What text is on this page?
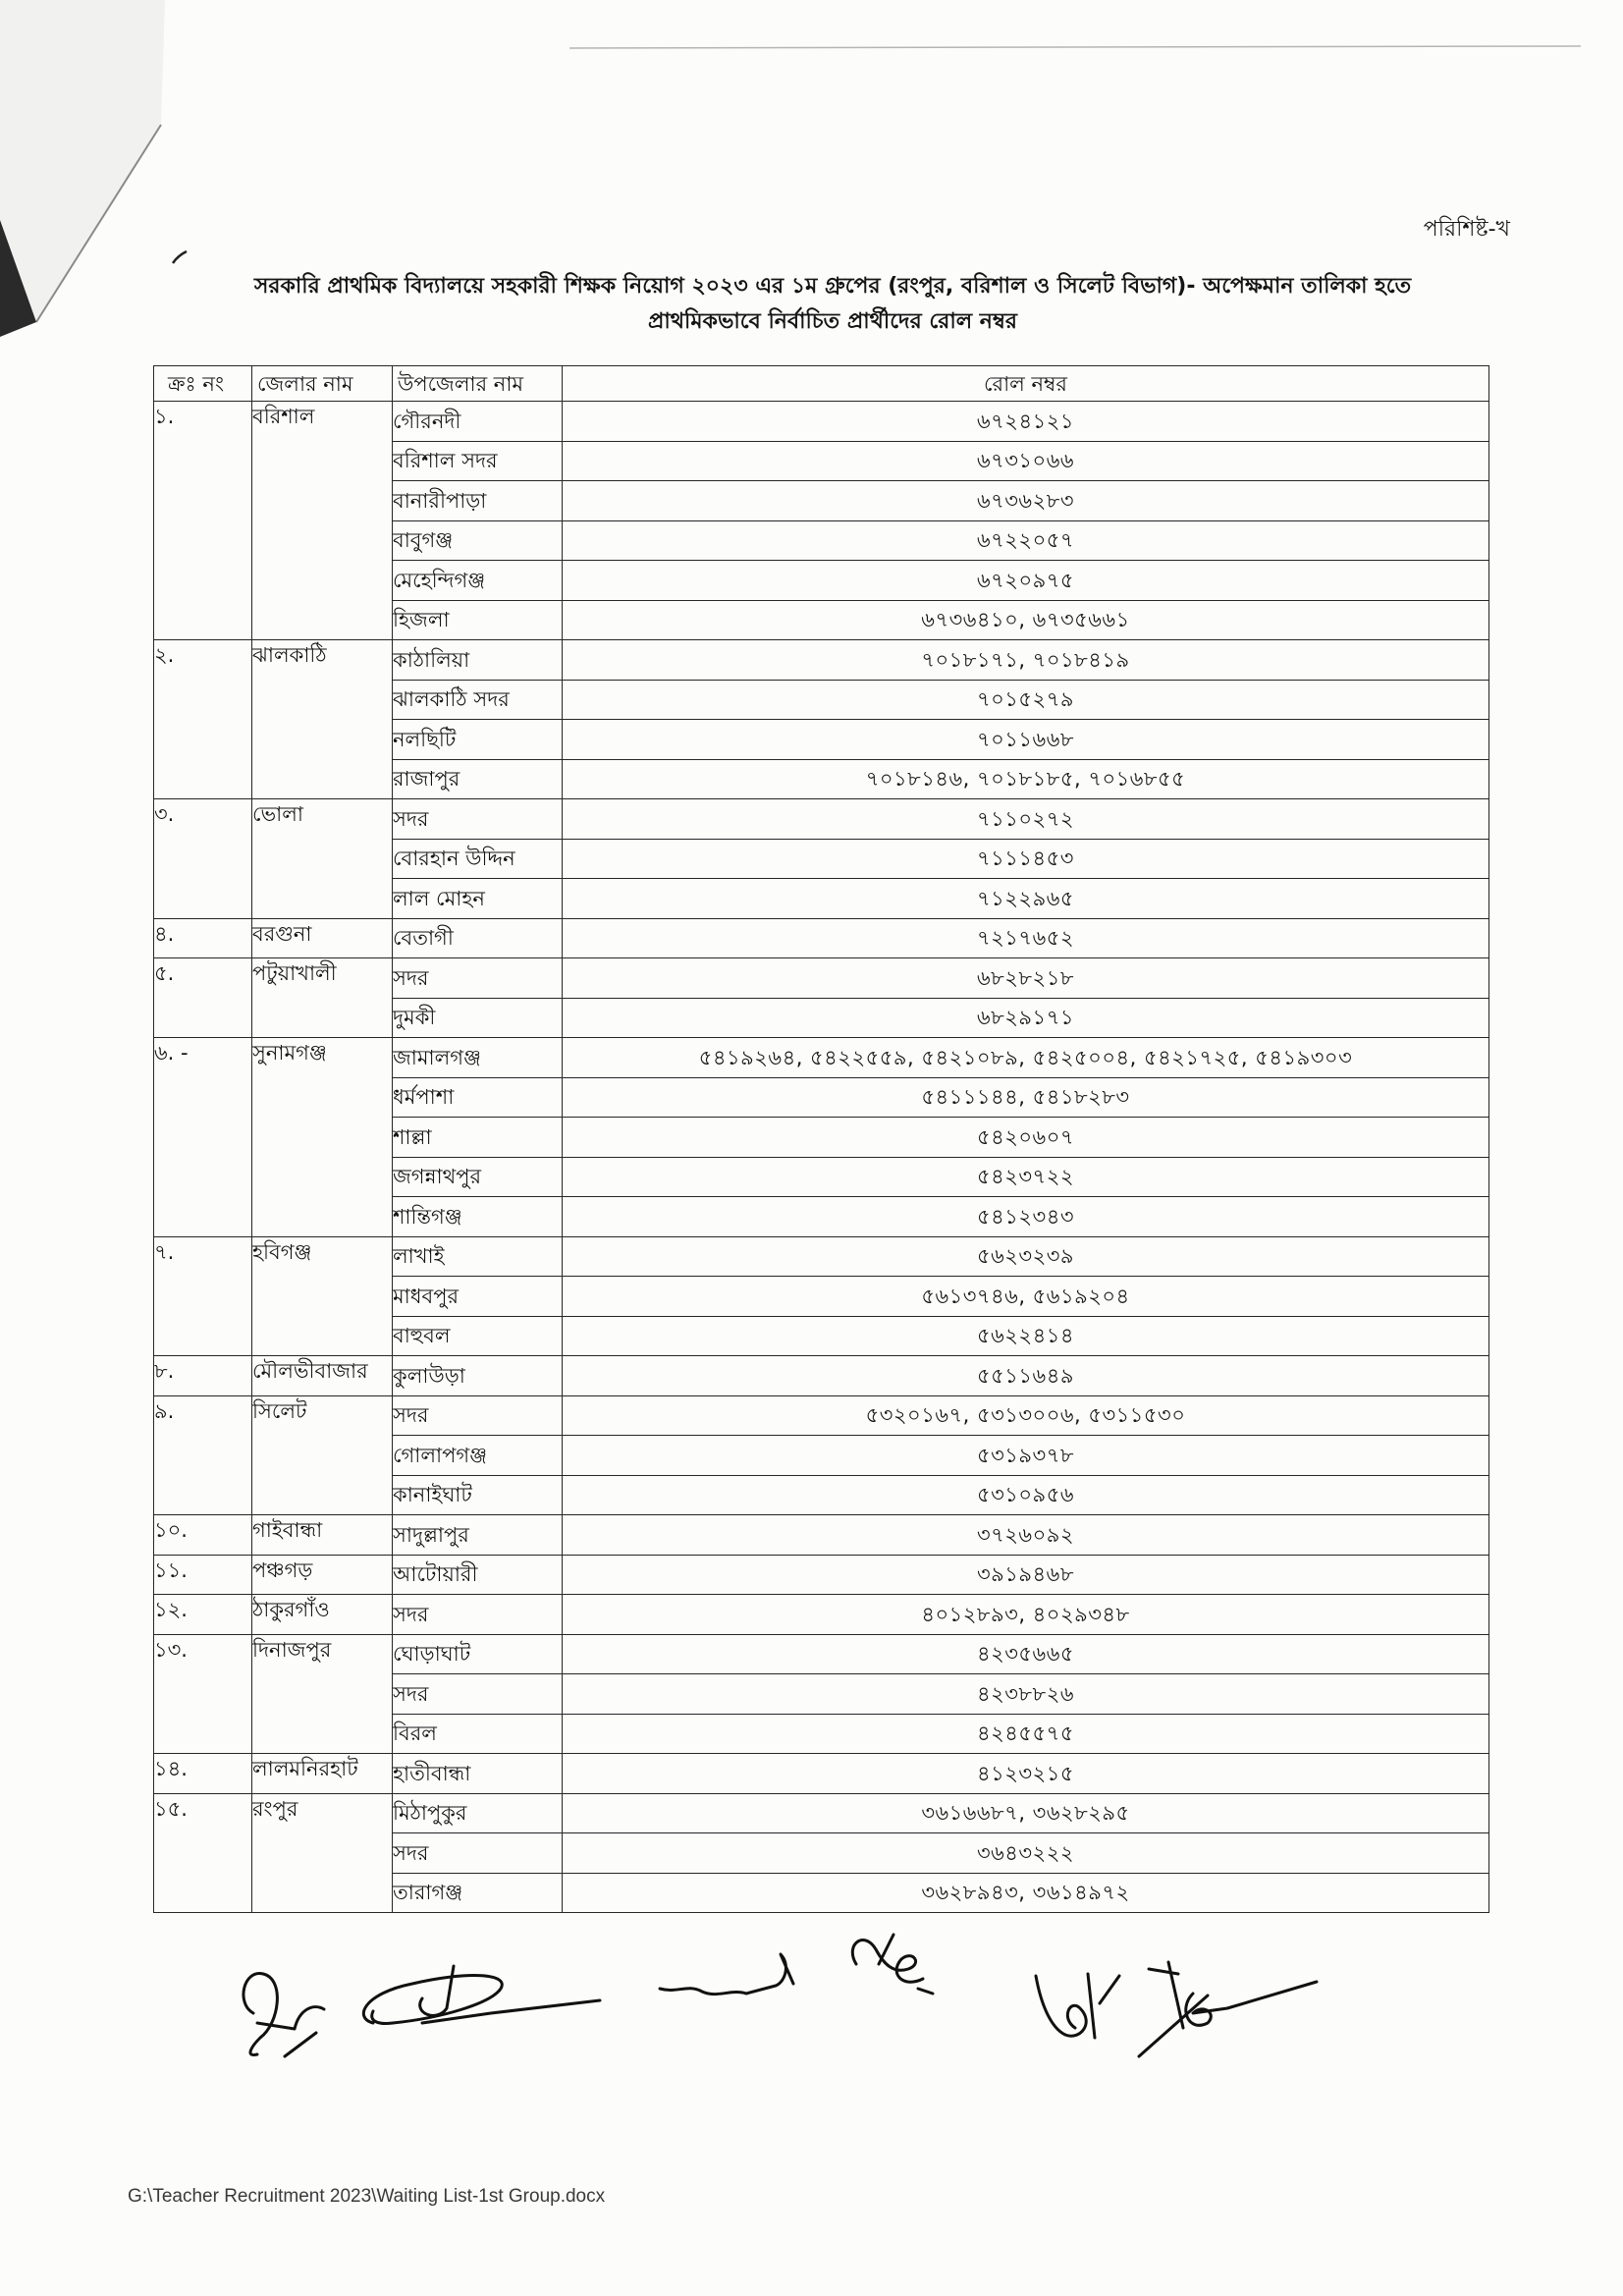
পরিশিষ্ট-খ
সরকারি প্রাথমিক বিদ্যালয়ে সহকারী শিক্ষক নিয়োগ ২০২৩ এর ১ম গ্রুপের (রংপুর, বরিশাল ও সিলেট বিভাগ)- অপেক্ষমান তালিকা হতে
প্রাথমিকভাবে নির্বাচিত প্রার্থীদের রোল নম্বর
ক্রঃ নং	জেলার নাম	উপজেলার নাম	রোল নম্বর
১.	বরিশাল	গৌরনদী	৬৭২৪১২১
		বরিশাল সদর	৬৭৩১০৬৬
		বানারীপাড়া	৬৭৩৬২৮৩
		বাবুগঞ্জ	৬৭২২০৫৭
		মেহেন্দিগঞ্জ	৬৭২০৯৭৫
		হিজলা	৬৭৩৬৪১০, ৬৭৩৫৬৬১
২.	ঝালকাঠি	কাঠালিয়া	৭০১৮১৭১, ৭০১৮৪১৯
		ঝালকাঠি সদর	৭০১৫২৭৯
		নলছিটি	৭০১১৬৬৮
		রাজাপুর	৭০১৮১৪৬, ৭০১৮১৮৫, ৭০১৬৮৫৫
৩.	ভোলা	সদর	৭১১০২৭২
		বোরহান উদ্দিন	৭১১১৪৫৩
		লাল মোহন	৭১২২৯৬৫
৪.	বরগুনা	বেতাগী	৭২১৭৬৫২
৫.	পটুয়াখালী	সদর	৬৮২৮২১৮
		দুমকী	৬৮২৯১৭১
৬. -	সুনামগঞ্জ	জামালগঞ্জ	৫৪১৯২৬৪, ৫৪২২৫৫৯, ৫৪২১০৮৯, ৫৪২৫০০৪, ৫৪২১৭২৫, ৫৪১৯৩০৩
		ধর্মপাশা	৫৪১১১৪৪, ৫৪১৮২৮৩
		শাল্লা	৫৪২০৬০৭
		জগন্নাথপুর	৫৪২৩৭২২
		শান্তিগঞ্জ	৫৪১২৩৪৩
৭.	হবিগঞ্জ	লাখাই	৫৬২৩২৩৯
		মাধবপুর	৫৬১৩৭৪৬, ৫৬১৯২০৪
		বাহুবল	৫৬২২৪১৪
৮.	মৌলভীবাজার	কুলাউড়া	৫৫১১৬৪৯
৯.	সিলেট	সদর	৫৩২০১৬৭, ৫৩১৩০০৬, ৫৩১১৫৩০
		গোলাপগঞ্জ	৫৩১৯৩৭৮
		কানাইঘাট	৫৩১০৯৫৬
১০.	গাইবান্ধা	সাদুল্লাপুর	৩৭২৬০৯২
১১.	পঞ্চগড়	আটোয়ারী	৩৯১৯৪৬৮
১২.	ঠাকুরগাঁও	সদর	৪০১২৮৯৩, ৪০২৯৩৪৮
১৩.	দিনাজপুর	ঘোড়াঘাট	৪২৩৫৬৬৫
		সদর	৪২৩৮৮২৬
		বিরল	৪২৪৫৫৭৫
১৪.	লালমনিরহাট	হাতীবান্ধা	৪১২৩২১৫
১৫.	রংপুর	মিঠাপুকুর	৩৬১৬৬৮৭, ৩৬২৮২৯৫
		সদর	৩৬৪৩২২২
		তারাগঞ্জ	৩৬২৮৯৪৩, ৩৬১৪৯৭২
G:\Teacher Recruitment 2023\Waiting List-1st Group.docx
